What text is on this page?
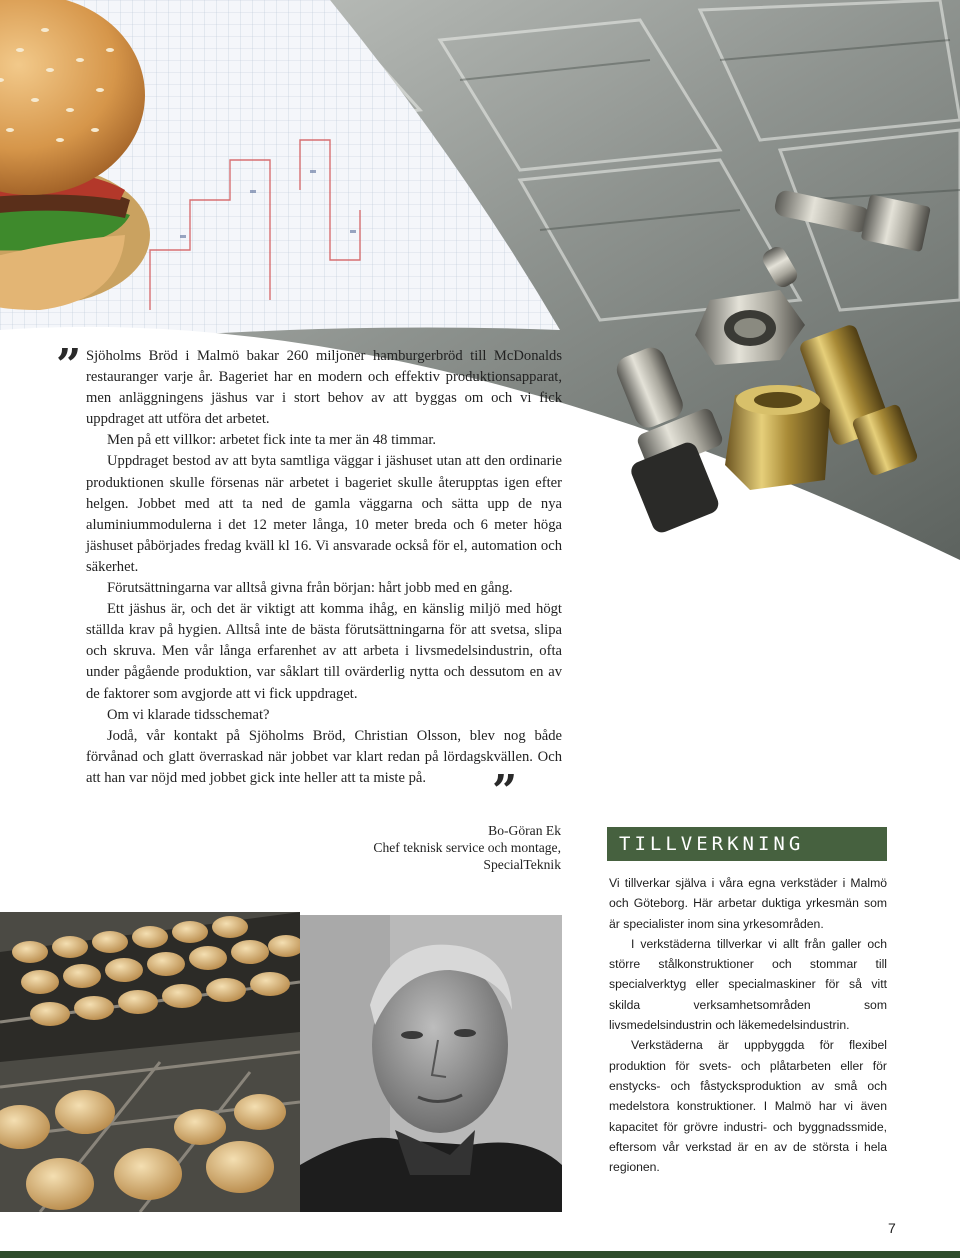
” Sjöholms Bröd i Malmö bakar 260 miljoner hamburgerbröd till McDonalds restauranger varje år. Bageriet har en modern och effektiv produktionsapparat, men anläggningens jäshus var i stort behov av att byggas om och vi fick uppdraget att utföra det arbetet.

Men på ett villkor: arbetet fick inte ta mer än 48 timmar.

Uppdraget bestod av att byta samtliga väggar i jäshuset utan att den ordinarie produktionen skulle försenas när arbetet i bageriet skulle återupptas igen efter helgen. Jobbet med att ta ned de gamla väggarna och sätta upp de nya aluminiummodulerna i det 12 meter långa, 10 meter breda och 6 meter höga jäshuset påbörjades fredag kväll kl 16. Vi ansvarade också för el, automation och säkerhet.

Förutsättningarna var alltså givna från början: hårt jobb med en gång.

Ett jäshus är, och det är viktigt att komma ihåg, en känslig miljö med högt ställda krav på hygien. Alltså inte de bästa förutsättningarna för att svetsa, slipa och skruva. Men vår långa erfarenhet av att arbeta i livsmedelsindustrin, ofta under pågående produktion, var såklart till ovärderlig nytta och dessutom en av de faktorer som avgjorde att vi fick uppdraget.

Om vi klarade tidsschemat?

Jodå, vår kontakt på Sjöholms Bröd, Christian Olsson, blev nog både förvånad och glatt överraskad när jobbet var klart redan på lördagskvällen. Och att han var nöjd med jobbet gick inte heller att ta miste på.	”
Bo-Göran Ek
Chef teknisk service och montage,
SpecialTeknik
TILLVERKNING

Vi tillverkar själva i våra egna verkstäder i Malmö och Göteborg. Här arbetar duktiga yrkesmän som är specialister inom sina yrkesområden.

I verkstäderna tillverkar vi allt från galler och större stålkonstruktioner och stommar till specialverktyg eller specialmaskiner för så vitt skilda verksamhetsområden som livsmedelsindustrin och läkemedelsindustrin.

Verkstäderna är uppbyggda för flexibel produktion för svets- och plåtarbeten eller för enstycks- och fåstycksproduktion av små och medelstora konstruktioner. I Malmö har vi även kapacitet för grövre industri- och byggnadssmide, eftersom vår verkstad är en av de största i hela regionen.

7
